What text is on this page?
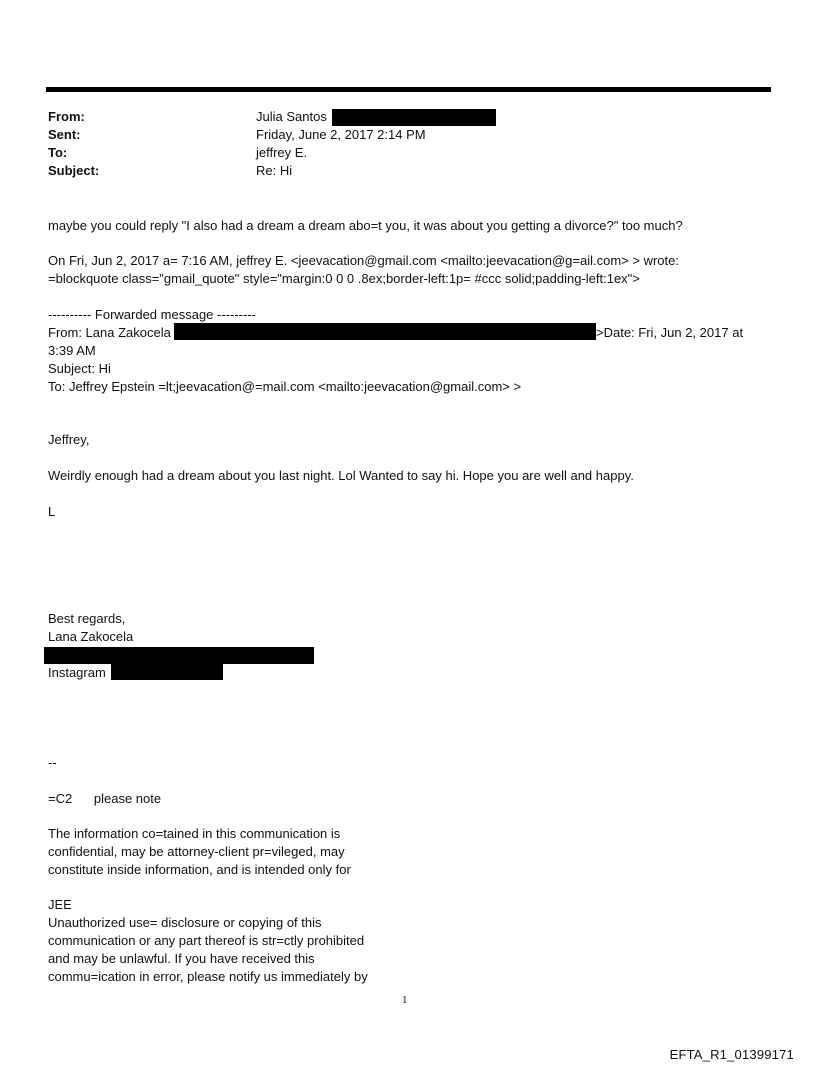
From:	Julia Santos
Sent:	Friday, June 2, 2017 2:14 PM
To:	jeffrey E.
Subject:	Re: Hi
maybe you could reply "I also had a dream a dream abo=t you, it was about you getting a divorce?" too much?
On Fri, Jun 2, 2017 a= 7:16 AM, jeffrey E. <jeevacation@gmail.com <mailto:jeevacation@g=ail.com> > wrote:
=blockquote class="gmail_quote" style="margin:0 0 0 .8ex;border-left:1p= #ccc solid;padding-left:1ex">
---------- Forwarded message ---------
From: Lana Zakocela	>Date: Fri, Jun 2, 2017 at
3:39 AM
Subject: Hi
To: Jeffrey Epstein =lt;jeevacation@=mail.com <mailto:jeevacation@gmail.com> >
Jeffrey,
Weirdly enough had a dream about you last night. Lol Wanted to say hi. Hope you are well and happy.
L
Best regards,
Lana Zakocela
Instagram
--
=C2      please note
The information co=tained in this communication is
confidential, may be attorney-client pr=vileged, may
constitute inside information, and is intended only for
JEE
Unauthorized use= disclosure or copying of this
communication or any part thereof is str=ctly prohibited
and may be unlawful. If you have received this
commu=ication in error, please notify us immediately by
1
EFTA_R1_01399171
